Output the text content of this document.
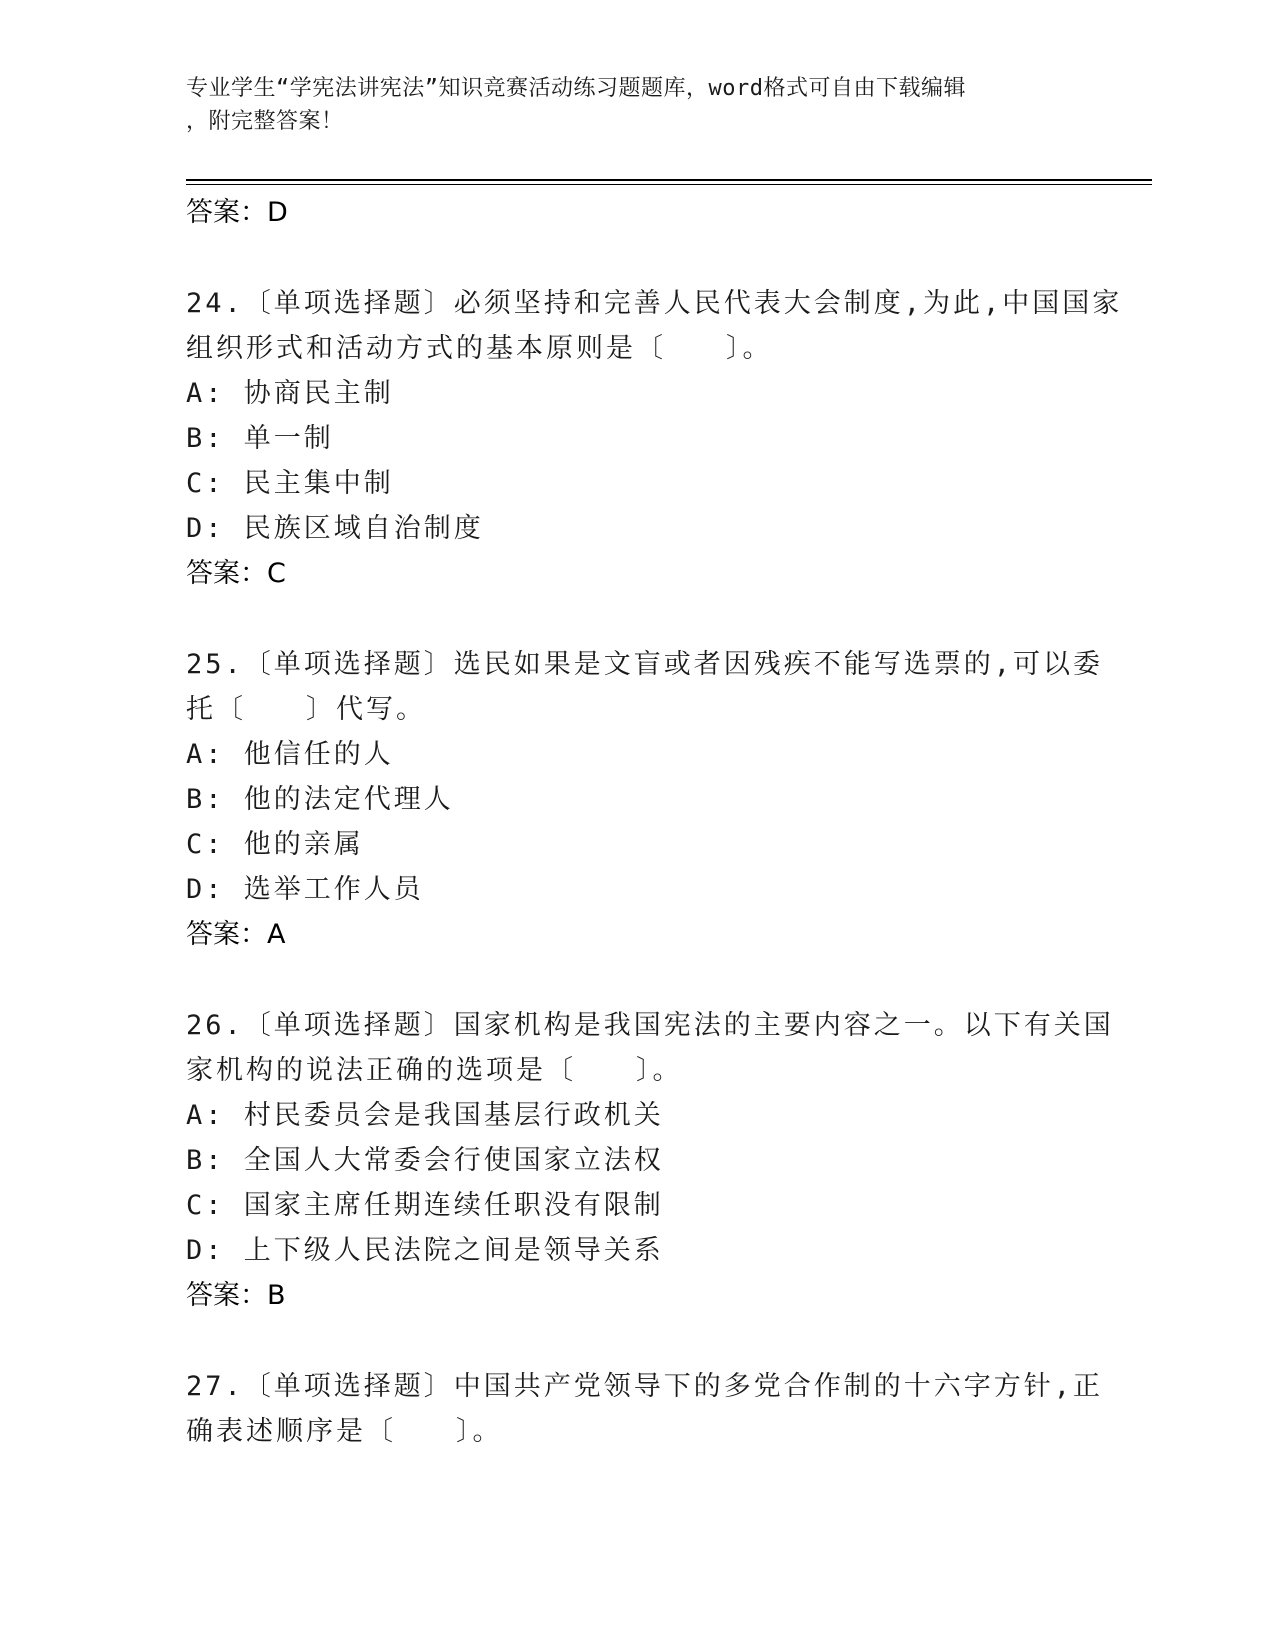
专业学生“学宪法讲宪法”知识竞赛活动练习题题库，word格式可自由下载编辑
，附完整答案！
答案：D
24.〔单项选择题〕必须坚持和完善人民代表大会制度,为此,中国国家
组织形式和活动方式的基本原则是〔　　〕。
A: 协商民主制
B: 单一制
C: 民主集中制
D: 民族区域自治制度
答案：C
25.〔单项选择题〕选民如果是文盲或者因残疾不能写选票的,可以委
托〔　　〕代写。
A: 他信任的人
B: 他的法定代理人
C: 他的亲属
D: 选举工作人员
答案：A
26.〔单项选择题〕国家机构是我国宪法的主要内容之一。以下有关国
家机构的说法正确的选项是〔　　〕。
A: 村民委员会是我国基层行政机关
B: 全国人大常委会行使国家立法权
C: 国家主席任期连续任职没有限制
D: 上下级人民法院之间是领导关系
答案：B
27.〔单项选择题〕中国共产党领导下的多党合作制的十六字方针,正
确表述顺序是〔　　〕。
